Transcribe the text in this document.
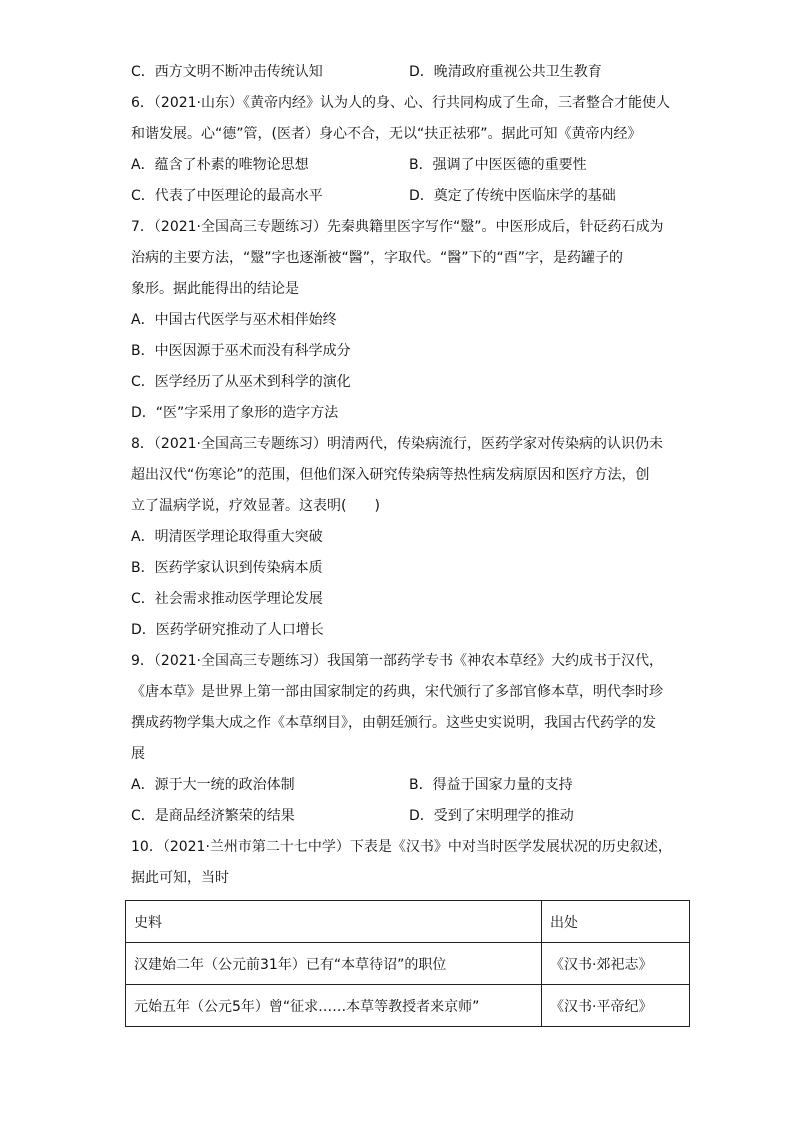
C．西方文明不断冲击传统认知	D．晚清政府重视公共卫生教育
6．（2021·山东）《黄帝内经》认为人的身、心、行共同构成了生命，三者整合才能使人
和谐发展。心“德”管，(医者）身心不合，无以“扶正祛邪”。据此可知《黄帝内经》
A．蕴含了朴素的唯物论思想	B．强调了中医医德的重要性
C．代表了中医理论的最高水平	D．奠定了传统中医临床学的基础
7．（2021·全国高三专题练习）先秦典籍里医字写作“毉”。中医形成后，针砭药石成为
治病的主要方法，“毉”字也逐渐被“醫”，字取代。“醫”下的“酉”字，是药罐子的
象形。据此能得出的结论是
A．中国古代医学与巫术相伴始终
B．中医因源于巫术而没有科学成分
C．医学经历了从巫术到科学的演化
D．“医”字采用了象形的造字方法
8．（2021·全国高三专题练习）明清两代，传染病流行，医药学家对传染病的认识仍未
超出汉代“伤寒论”的范围，但他们深入研究传染病等热性病发病原因和医疗方法，创
立了温病学说，疗效显著。这表明(　　)
A．明清医学理论取得重大突破
B．医药学家认识到传染病本质
C．社会需求推动医学理论发展
D．医药学研究推动了人口增长
9．（2021·全国高三专题练习）我国第一部药学专书《神农本草经》大约成书于汉代，
《唐本草》是世界上第一部由国家制定的药典，宋代颁行了多部官修本草，明代李时珍
撰成药物学集大成之作《本草纲目》，由朝廷颁行。这些史实说明，我国古代药学的发
展
A．源于大一统的政治体制	B．得益于国家力量的支持
C．是商品经济繁荣的结果	D．受到了宋明理学的推动
10．（2021·兰州市第二十七中学）下表是《汉书》中对当时医学发展状况的历史叙述，
据此可知，当时
史料	出处
汉建始二年（公元前31年）已有“本草待诏”的职位	《汉书·郊祀志》
元始五年（公元5年）曾“征求……本草等教授者来京师”	《汉书·平帝纪》
